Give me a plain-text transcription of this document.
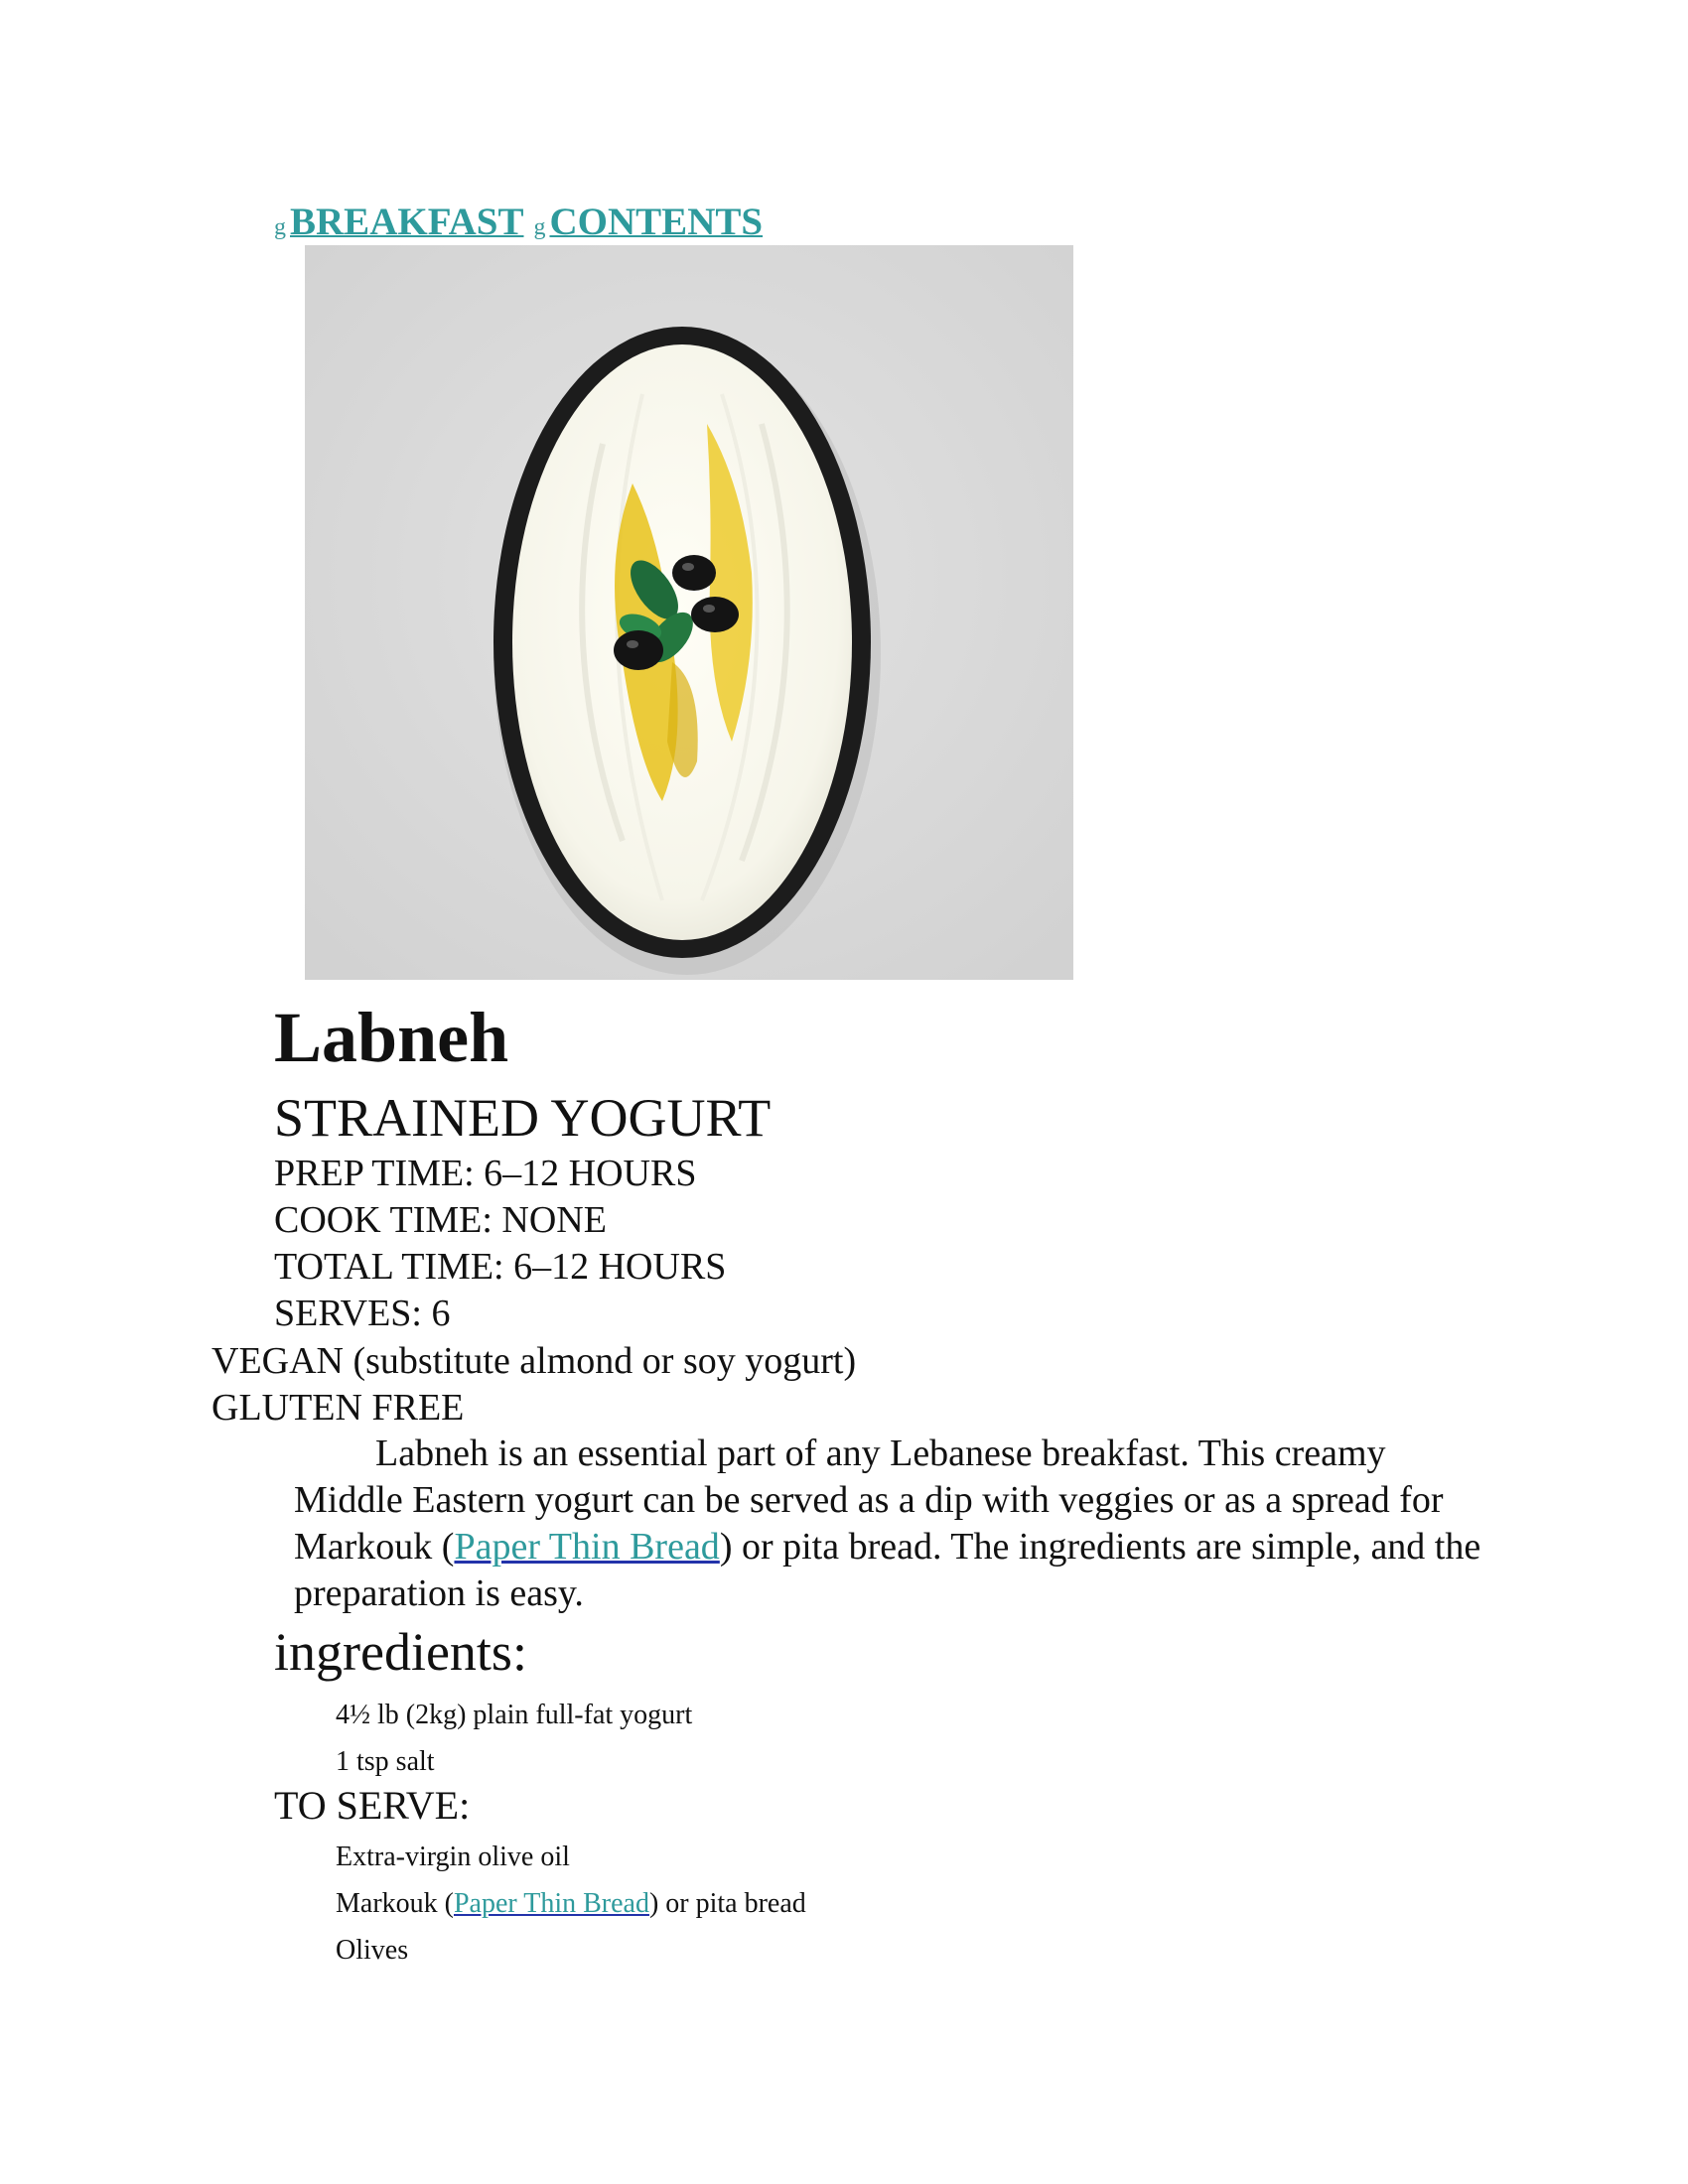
g BREAKFAST g CONTENTS
Labneh
STRAINED YOGURT
PREP TIME: 6–12 HOURS
COOK TIME: NONE
TOTAL TIME: 6–12 HOURS
SERVES: 6
VEGAN (substitute almond or soy yogurt)
GLUTEN FREE
Labneh is an essential part of any Lebanese breakfast. This creamy Middle Eastern yogurt can be served as a dip with veggies or as a spread for Markouk (Paper Thin Bread) or pita bread. The ingredients are simple, and the preparation is easy.
ingredients:
4½ lb (2kg) plain full-fat yogurt
1 tsp salt
TO SERVE:
Extra-virgin olive oil
Markouk (Paper Thin Bread) or pita bread
Olives
